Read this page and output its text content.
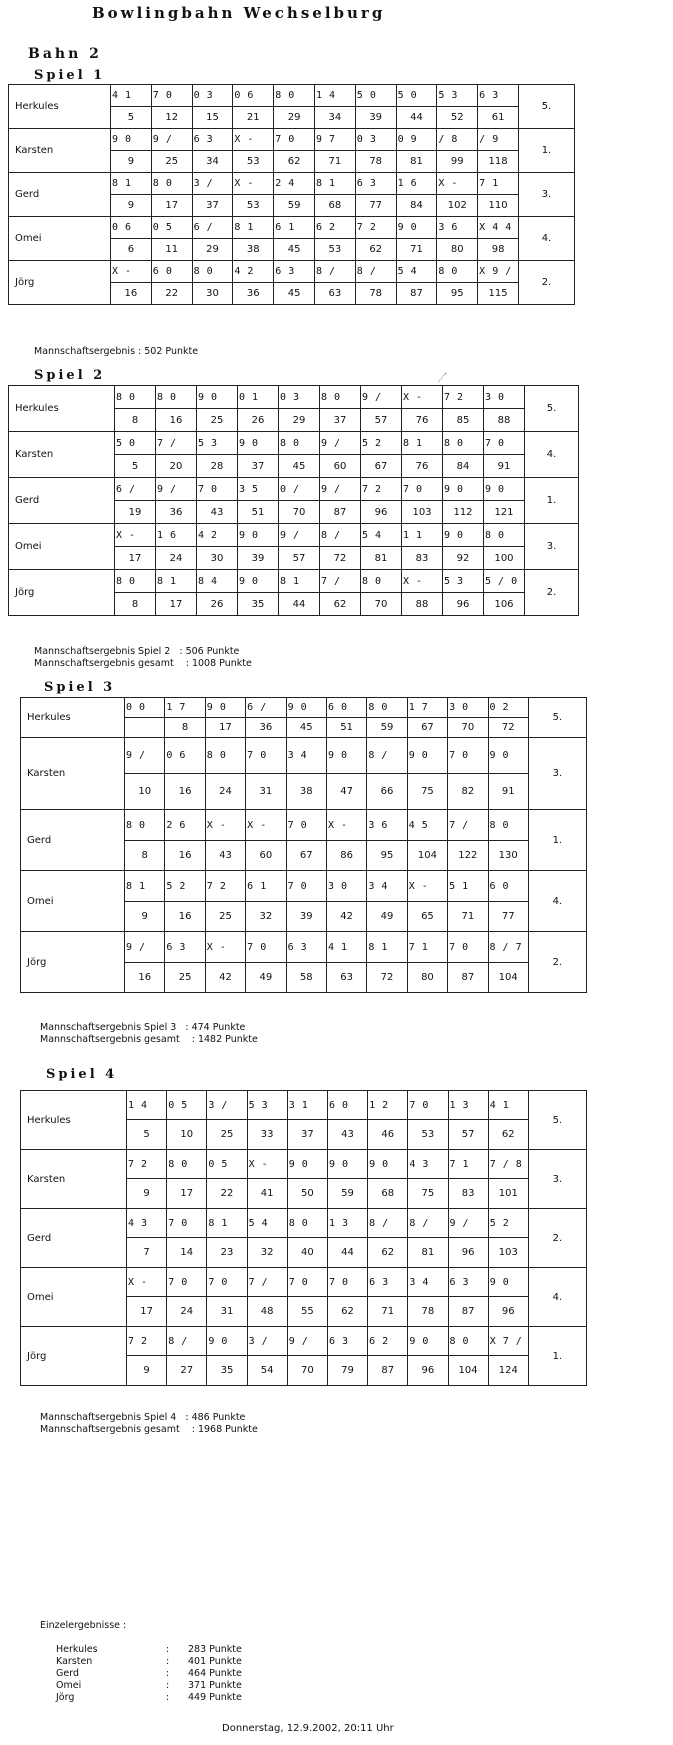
Bowlingbahn Wechselburg
Bahn 2
Spiel 1
Herkules	4 1	7 0	0 3	0 6	8 0	1 4	5 0	5 0	5 3	6 3	5.
	5	12	15	21	29	34	39	44	52	61	
Karsten	9 0	9 /	6 3	X -	7 0	9 7	0 3	0 9	/ 8	/ 9	1.
	9	25	34	53	62	71	78	81	99	118	
Gerd	8 1	8 0	3 /	X -	2 4	8 1	6 3	1 6	X -	7 1	3.
	9	17	37	53	59	68	77	84	102	110	
Omei	0 6	0 5	6 /	8 1	6 1	6 2	7 2	9 0	3 6	X 4 4	4.
	6	11	29	38	45	53	62	71	80	98	
Jörg	X -	6 0	8 0	4 2	6 3	8 /	8 /	5 4	8 0	X 9 /	2.
	16	22	30	36	45	63	78	87	95	115	
Mannschaftsergebnis : 502 Punkte
Spiel 2
Herkules	8 0	8 0	9 0	0 1	0 3	8 0	9 /	X -	7 2	3 0	5.
	8	16	25	26	29	37	57	76	85	88	
Karsten	5 0	7 /	5 3	9 0	8 0	9 /	5 2	8 1	8 0	7 0	4.
	5	20	28	37	45	60	67	76	84	91	
Gerd	6 /	9 /	7 0	3 5	0 /	9 /	7 2	7 0	9 0	9 0	1.
	19	36	43	51	70	87	96	103	112	121	
Omei	X -	1 6	4 2	9 0	9 /	8 /	5 4	1 1	9 0	8 0	3.
	17	24	30	39	57	72	81	83	92	100	
Jörg	8 0	8 1	8 4	9 0	8 1	7 /	8 0	X -	5 3	5 / 0	2.
	8	17	26	35	44	62	70	88	96	106	
Mannschaftsergebnis Spiel 2   : 506 Punkte
Mannschaftsergebnis gesamt    : 1008 Punkte
Spiel 3
Herkules	0 0	1 7	9 0	6 /	9 0	6 0	8 0	1 7	3 0	0 2	5.
		8	17	36	45	51	59	67	70	72	
Karsten	9 /	0 6	8 0	7 0	3 4	9 0	8 /	9 0	7 0	9 0	3.
	10	16	24	31	38	47	66	75	82	91	
Gerd	8 0	2 6	X -	X -	7 0	X -	3 6	4 5	7 /	8 0	1.
	8	16	43	60	67	86	95	104	122	130	
Omei	8 1	5 2	7 2	6 1	7 0	3 0	3 4	X -	5 1	6 0	4.
	9	16	25	32	39	42	49	65	71	77	
Jörg	9 /	6 3	X -	7 0	6 3	4 1	8 1	7 1	7 0	8 / 7	2.
	16	25	42	49	58	63	72	80	87	104	
Mannschaftsergebnis Spiel 3   : 474 Punkte
Mannschaftsergebnis gesamt    : 1482 Punkte
Spiel 4
Herkules	1 4	0 5	3 /	5 3	3 1	6 0	1 2	7 0	1 3	4 1	5.
	5	10	25	33	37	43	46	53	57	62	
Karsten	7 2	8 0	0 5	X -	9 0	9 0	9 0	4 3	7 1	7 / 8	3.
	9	17	22	41	50	59	68	75	83	101	
Gerd	4 3	7 0	8 1	5 4	8 0	1 3	8 /	8 /	9 /	5 2	2.
	7	14	23	32	40	44	62	81	96	103	
Omei	X -	7 0	7 0	7 /	7 0	7 0	6 3	3 4	6 3	9 0	4.
	17	24	31	48	55	62	71	78	87	96	
Jörg	7 2	8 /	9 0	3 /	9 /	6 3	6 2	9 0	8 0	X 7 /	1.
	9	27	35	54	70	79	87	96	104	124	
Mannschaftsergebnis Spiel 4   : 486 Punkte
Mannschaftsergebnis gesamt    : 1968 Punkte

Einzelergebnisse :

Herkules	: 283 Punkte
Karsten	: 401 Punkte
Gerd	: 464 Punkte
Omei	: 371 Punkte
Jörg	: 449 Punkte
Donnerstag, 12.9.2002, 20:11 Uhr
